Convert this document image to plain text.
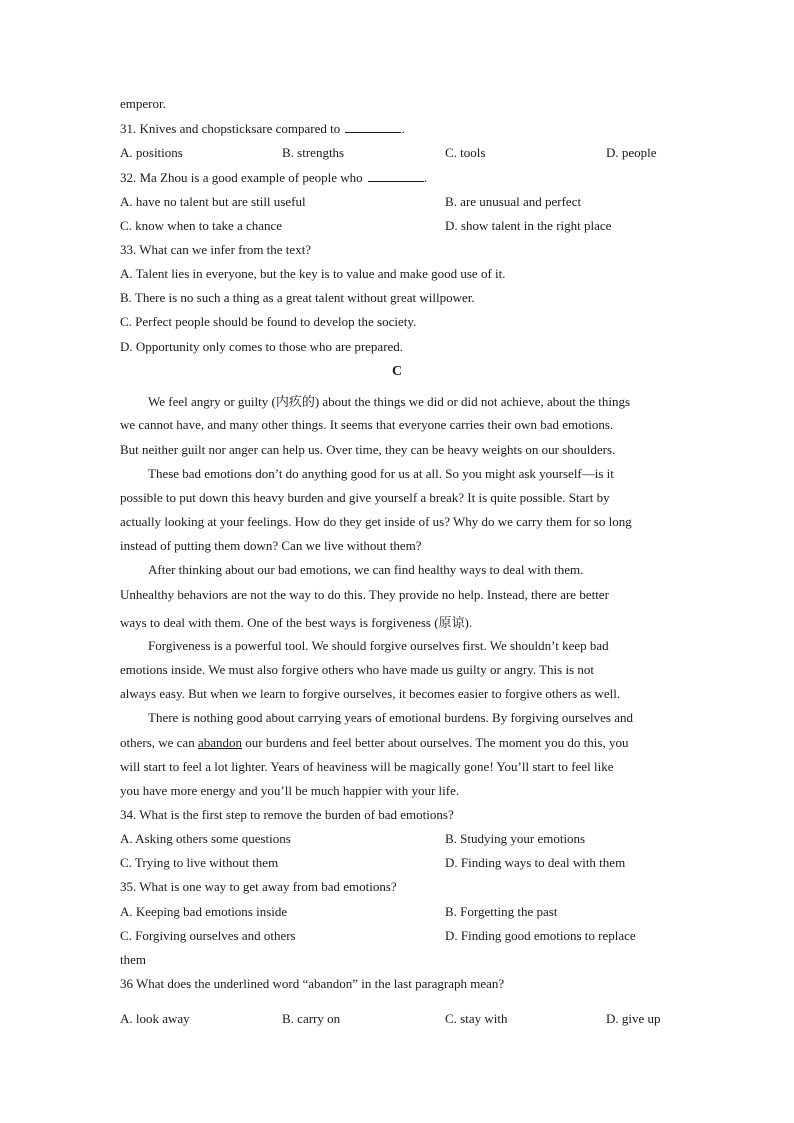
emperor.
31. Knives and chopsticksare compared to	.
A. positions	B. strengths	C. tools	D. people
32. Ma Zhou is a good example of people who	.
A. have no talent but are still useful	B. are unusual and perfect
C. know when to take a chance	D. show talent in the right place
33. What can we infer from the text?
A. Talent lies in everyone, but the key is to value and make good use of it.
B. There is no such a thing as a great talent without great willpower.
C. Perfect people should be found to develop the society.
D. Opportunity only comes to those who are prepared.
C
We feel angry or guilty (内疚的) about the things we did or did not achieve, about the things
we cannot have, and many other things. It seems that everyone carries their own bad emotions.
But neither guilt nor anger can help us. Over time, they can be heavy weights on our shoulders.
These bad emotions don’t do anything good for us at all. So you might ask yourself—is it
possible to put down this heavy burden and give yourself a break? It is quite possible. Start by
actually looking at your feelings. How do they get inside of us? Why do we carry them for so long
instead of putting them down? Can we live without them?
After thinking about our bad emotions, we can find healthy ways to deal with them.
Unhealthy behaviors are not the way to do this. They provide no help. Instead, there are better
ways to deal with them. One of the best ways is forgiveness (原谅).
Forgiveness is a powerful tool. We should forgive ourselves first. We shouldn’t keep bad
emotions inside. We must also forgive others who have made us guilty or angry. This is not
always easy. But when we learn to forgive ourselves, it becomes easier to forgive others as well.
There is nothing good about carrying years of emotional burdens. By forgiving ourselves and
others, we can abandon our burdens and feel better about ourselves. The moment you do this, you
will start to feel a lot lighter. Years of heaviness will be magically gone! You’ll start to feel like
you have more energy and you’ll be much happier with your life.
34. What is the first step to remove the burden of bad emotions?
A. Asking others some questions	B. Studying your emotions
C. Trying to live without them	D. Finding ways to deal with them
35. What is one way to get away from bad emotions?
A. Keeping bad emotions inside	B. Forgetting the past
C. Forgiving ourselves and others	D. Finding good emotions to replace
them
36 What does the underlined word “abandon” in the last paragraph mean?
A. look away	B. carry on	C. stay with	D. give up
